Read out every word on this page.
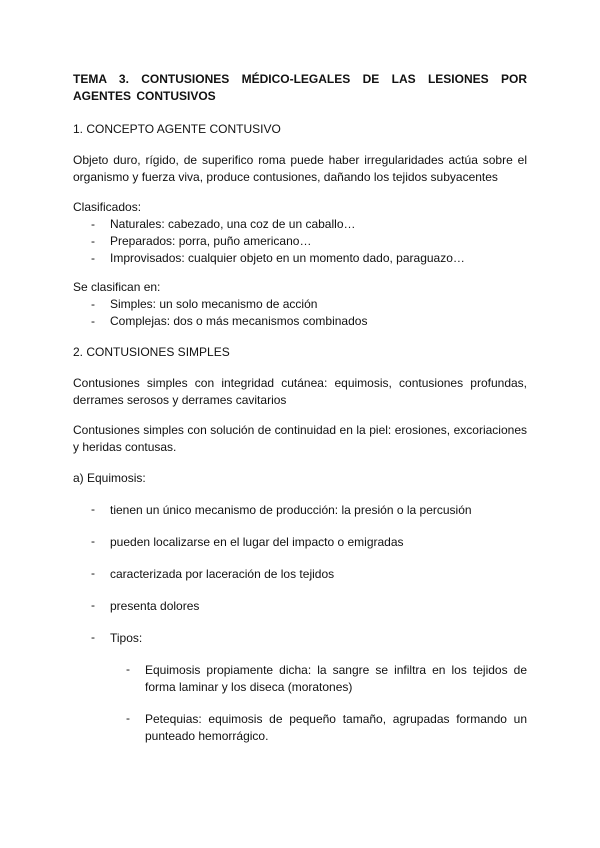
TEMA 3. CONTUSIONES MÉDICO-LEGALES DE LAS LESIONES POR AGENTES CONTUSIVOS
1. CONCEPTO AGENTE CONTUSIVO
Objeto duro, rígido, de superifico roma puede haber irregularidades actúa sobre el organismo y fuerza viva, produce contusiones, dañando los tejidos subyacentes
Clasificados:
- Naturales: cabezado, una coz de un caballo…
- Preparados: porra, puño americano…
- Improvisados: cualquier objeto en un momento dado, paraguazo…
Se clasifican en:
- Simples: un solo mecanismo de acción
- Complejas: dos o más mecanismos combinados
2. CONTUSIONES SIMPLES
Contusiones simples con integridad cutánea: equimosis, contusiones profundas, derrames serosos y derrames cavitarios
Contusiones simples con solución de continuidad en la piel: erosiones, excoriaciones y heridas contusas.
a) Equimosis:
- tienen un único mecanismo de producción: la presión o la percusión
- pueden localizarse en el lugar del impacto o emigradas
- caracterizada por laceración de los tejidos
- presenta dolores
- Tipos:
- Equimosis propiamente dicha: la sangre se infiltra en los tejidos de forma laminar y los diseca (moratones)
- Petequias: equimosis de pequeño tamaño, agrupadas formando un punteado hemorrágico.
